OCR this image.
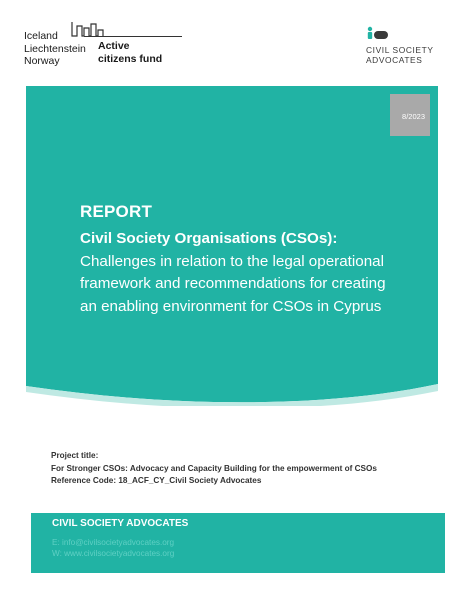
Iceland
Liechtenstein
Norway
Active
citizens fund
CIVIL SOCIETY
ADVOCATES
8/2023
REPORT
Civil Society Organisations (CSOs):
Challenges in relation to the legal operational framework and recommendations for creating an enabling environment for CSOs in Cyprus
Project title:
For Stronger CSOs: Advocacy and Capacity Building for the empowerment of CSOs
Reference Code: 18_ACF_CY_Civil Society Advocates
CIVIL SOCIETY ADVOCATES
E: info@civilsocietyadvocates.org
W: www.civilsocietyadvocates.org
